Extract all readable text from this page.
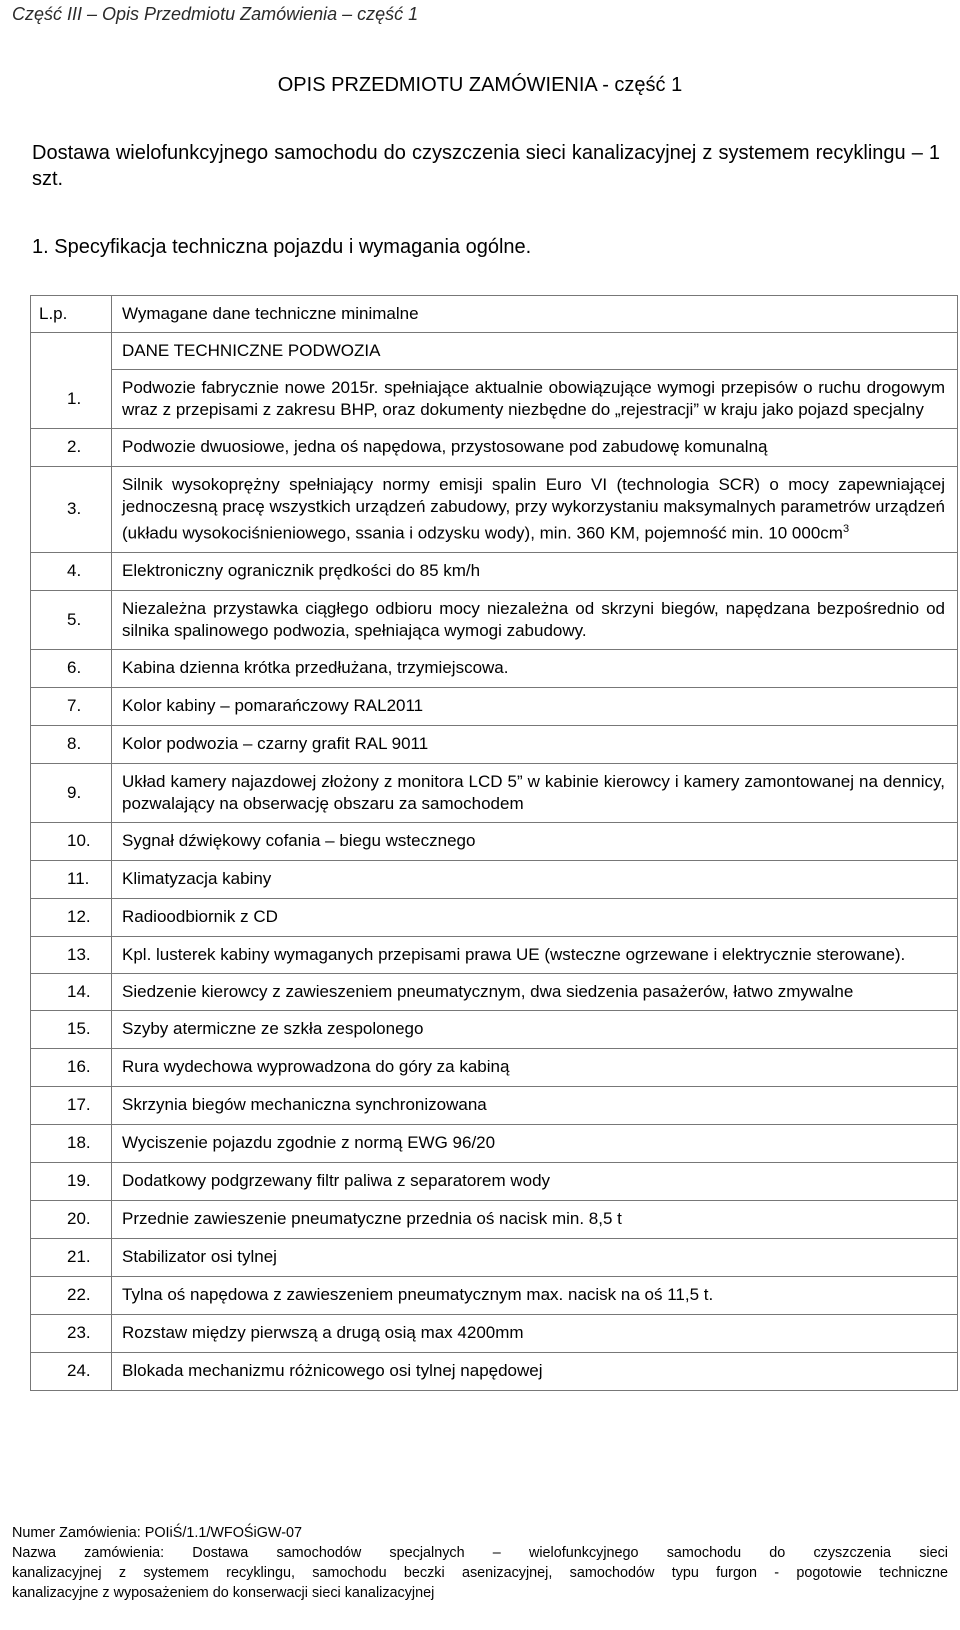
Część III – Opis Przedmiotu Zamówienia – część 1
OPIS PRZEDMIOTU ZAMÓWIENIA - część 1
Dostawa wielofunkcyjnego samochodu do czyszczenia sieci kanalizacyjnej z systemem recyklingu – 1 szt.
1. Specyfikacja techniczna pojazdu i wymagania ogólne.
L.p.	Wymagane dane techniczne minimalne
	DANE TECHNICZNE PODWOZIA
1.	Podwozie fabrycznie nowe 2015r. spełniające aktualnie obowiązujące wymogi przepisów o ruchu drogowym wraz z przepisami z zakresu BHP, oraz dokumenty niezbędne do „rejestracji” w kraju jako pojazd specjalny
2.	Podwozie dwuosiowe, jedna oś napędowa, przystosowane pod zabudowę komunalną
3.	Silnik wysokoprężny spełniający normy emisji spalin Euro VI (technologia SCR) o mocy zapewniającej jednoczesną pracę wszystkich urządzeń zabudowy, przy wykorzystaniu maksymalnych parametrów urządzeń (układu wysokociśnieniowego, ssania i odzysku wody), min. 360 KM, pojemność min. 10 $000cm^3$
4.	Elektroniczny ogranicznik prędkości do 85 km/h
5.	Niezależna przystawka ciągłego odbioru mocy niezależna od skrzyni biegów, napędzana bezpośrednio od silnika spalinowego podwozia, spełniająca wymogi zabudowy.
6.	Kabina dzienna krótka przedłużana, trzymiejscowa.
7.	Kolor kabiny – pomarańczowy RAL2011
8.	Kolor podwozia – czarny grafit RAL 9011
9.	Układ kamery najazdowej złożony z monitora LCD 5” w kabinie kierowcy i kamery zamontowanej na dennicy, pozwalający na obserwację obszaru za samochodem
10.	Sygnał dźwiękowy cofania – biegu wstecznego
11.	Klimatyzacja kabiny
12.	Radioodbiornik z CD
13.	Kpl. lusterek kabiny wymaganych przepisami prawa UE (wsteczne ogrzewane i elektrycznie sterowane).
14.	Siedzenie kierowcy z zawieszeniem pneumatycznym, dwa siedzenia pasażerów, łatwo zmywalne
15.	Szyby atermiczne ze szkła zespolonego
16.	Rura wydechowa wyprowadzona do góry za kabiną
17.	Skrzynia biegów mechaniczna synchronizowana
18.	Wyciszenie pojazdu zgodnie z normą EWG 96/20
19.	Dodatkowy podgrzewany filtr paliwa z separatorem wody
20.	Przednie zawieszenie pneumatyczne przednia oś nacisk min. 8,5 t
21.	Stabilizator osi tylnej
22.	Tylna oś napędowa z zawieszeniem pneumatycznym max. nacisk na oś 11,5 t.
23.	Rozstaw między pierwszą a drugą osią max 4200mm
24.	Blokada mechanizmu różnicowego osi tylnej napędowej
Numer Zamówienia: POIiŚ/1.1/WFOŚiGW-07
Nazwa zamówienia: Dostawa samochodów specjalnych – wielofunkcyjnego samochodu do czyszczenia sieci
kanalizacyjnej z systemem recyklingu, samochodu beczki asenizacyjnej, samochodów typu furgon - pogotowie techniczne
kanalizacyjne z wyposażeniem do konserwacji sieci kanalizacyjnej
